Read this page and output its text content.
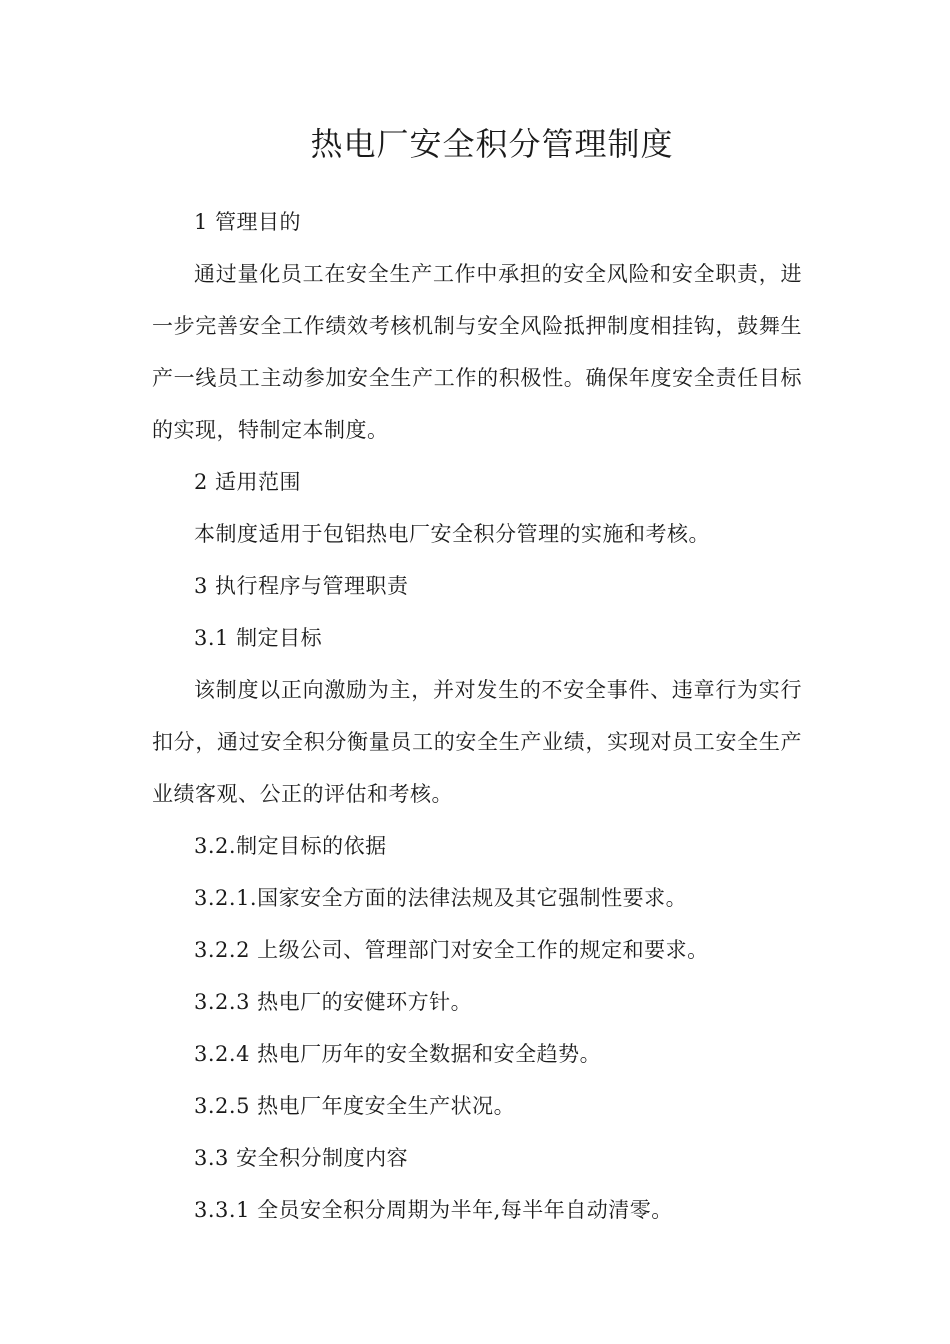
热电厂安全积分管理制度

1 管理目的

通过量化员工在安全生产工作中承担的安全风险和安全职责，进一步完善安全工作绩效考核机制与安全风险抵押制度相挂钩，鼓舞生产一线员工主动参加安全生产工作的积极性。确保年度安全责任目标的实现，特制定本制度。

2 适用范围

本制度适用于包铝热电厂安全积分管理的实施和考核。

3 执行程序与管理职责

3.1 制定目标

该制度以正向激励为主，并对发生的不安全事件、违章行为实行扣分，通过安全积分衡量员工的安全生产业绩，实现对员工安全生产业绩客观、公正的评估和考核。

3.2.制定目标的依据

3.2.1.国家安全方面的法律法规及其它强制性要求。

3.2.2 上级公司、管理部门对安全工作的规定和要求。

3.2.3 热电厂的安健环方针。

3.2.4 热电厂历年的安全数据和安全趋势。

3.2.5 热电厂年度安全生产状况。

3.3 安全积分制度内容

3.3.1 全员安全积分周期为半年,每半年自动清零。
